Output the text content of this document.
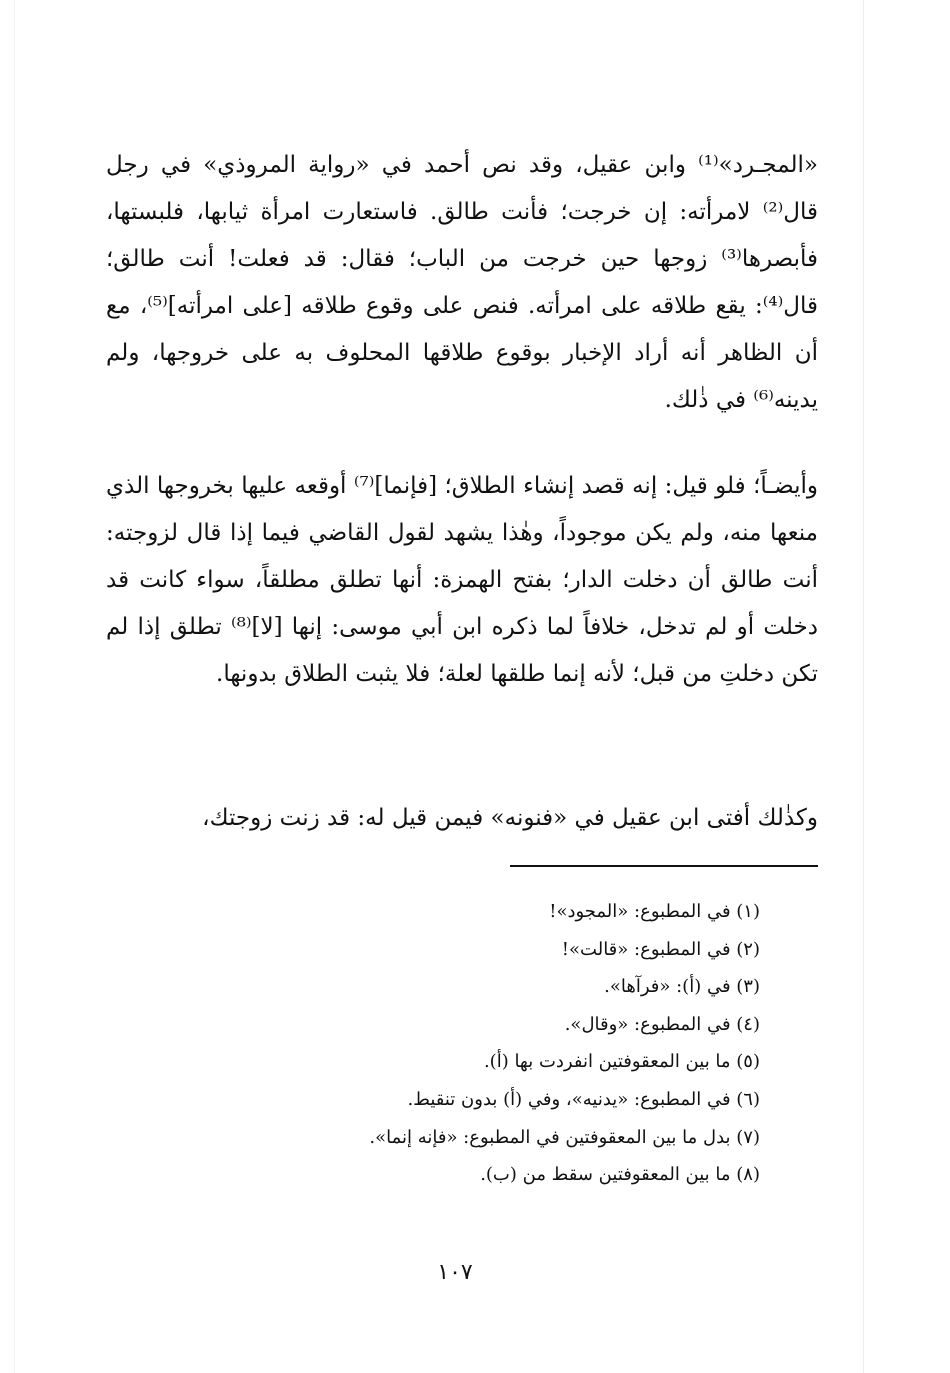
«المجـرد»⁽¹⁾ وابن عقيل، وقد نص أحمد في «رواية المروذي» في رجل قال⁽²⁾ لامرأته: إن خرجت؛ فأنت طالق. فاستعارت امرأة ثيابها، فلبستها، فأبصرها⁽³⁾ زوجها حين خرجت من الباب؛ فقال: قد فعلت! أنت طالق؛ قال⁽⁴⁾: يقع طلاقه على امرأته. فنص على وقوع طلاقه [على امرأته]⁽⁵⁾، مع أن الظاهر أنه أراد الإخبار بوقوع طلاقها المحلوف به على خروجها، ولم يدينه⁽⁶⁾ في ذٰلك.
وأيضـاً؛ فلو قيل: إنه قصد إنشاء الطلاق؛ [فإنما]⁽⁷⁾ أوقعه عليها بخروجها الذي منعها منه، ولم يكن موجوداً، وهٰذا يشهد لقول القاضي فيما إذا قال لزوجته: أنت طالق أن دخلت الدار؛ بفتح الهمزة: أنها تطلق مطلقاً، سواء كانت قد دخلت أو لم تدخل، خلافاً لما ذكره ابن أبي موسى: إنها [لا]⁽⁸⁾ تطلق إذا لم تكن دخلتِ من قبل؛ لأنه إنما طلقها لعلة؛ فلا يثبت الطلاق بدونها.
وكذٰلك أفتى ابن عقيل في «فنونه» فيمن قيل له: قد زنت زوجتك،
(١) في المطبوع: «المجود»!
(٢) في المطبوع: «قالت»!
(٣) في (أ): «فرآها».
(٤) في المطبوع: «وقال».
(٥) ما بين المعقوفتين انفردت بها (أ).
(٦) في المطبوع: «يدنيه»، وفي (أ) بدون تنقيط.
(٧) بدل ما بين المعقوفتين في المطبوع: «فإنه إنما».
(٨) ما بين المعقوفتين سقط من (ب).
١٠٧
